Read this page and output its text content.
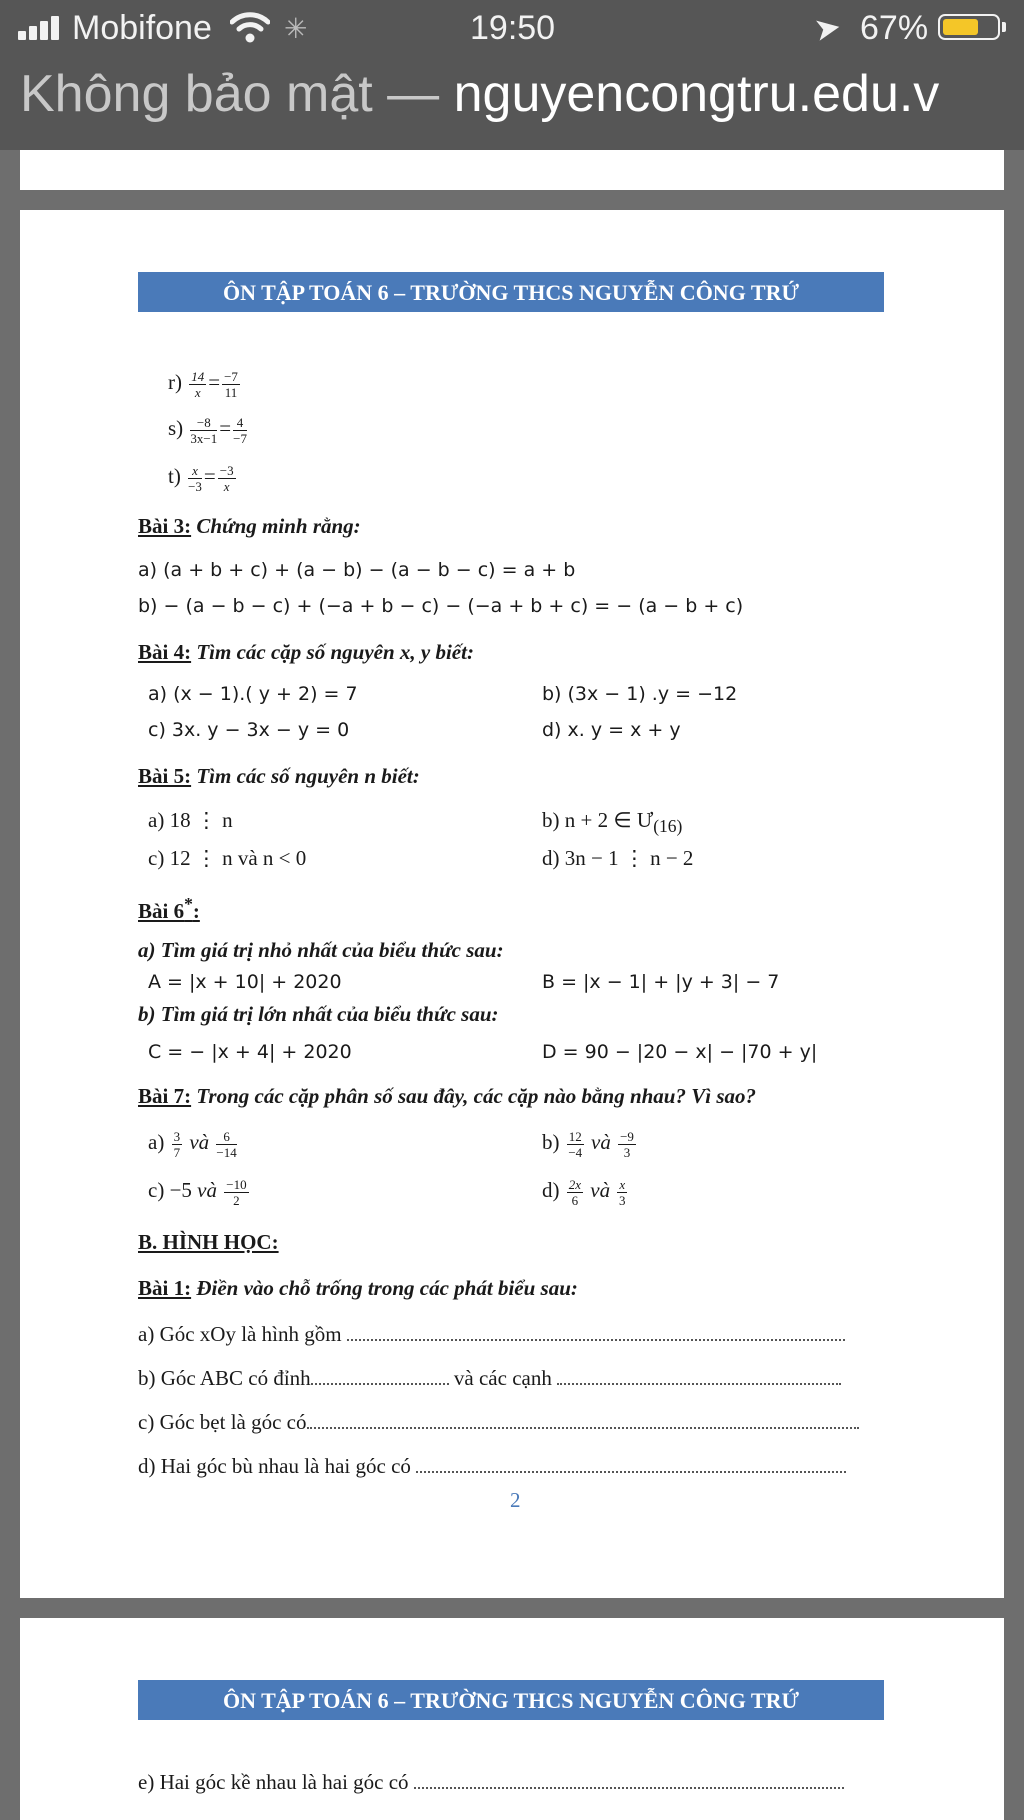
Mobifone	✳	19:50	➤ 67%
Không bảo mật — nguyencongtru.edu.v
ÔN TẬP TOÁN 6 – TRƯỜNG THCS NGUYỄN CÔNG TRỨ
$r) \frac{14}{x} = \frac{-7}{11}$
$s) \frac{-8}{3x-1} = \frac{4}{-7}$
$t) \frac{x}{-3} = \frac{-3}{x}$
Bài 3: Chứng minh rằng:
a) (a + b + c) + (a − b) − (a − b − c) = a + b
b) − (a − b − c) + (−a + b − c) − (−a + b + c) = − (a − b + c)
Bài 4: Tìm các cặp số nguyên x, y biết:
a) (x − 1).( y + 2) = 7	b) (3x − 1) .y = −12
c) 3x. y − 3x − y = 0	d) x. y = x + y
Bài 5: Tìm các số nguyên n biết:
a) 18 ⋮ n	b) n + 2 ∈ $Ư_{(16)}$
c) 12 ⋮ n và n < 0	d) 3n − 1 ⋮ n − 2
Bài 6*:
a) Tìm giá trị nhỏ nhất của biểu thức sau:
A = |x + 10| + 2020	B = |x − 1| + |y + 3| − 7
b) Tìm giá trị lớn nhất của biểu thức sau:
C = − |x + 4| + 2020	D = 90 − |20 − x| − |70 + y|
Bài 7: Trong các cặp phân số sau đây, các cặp nào bằng nhau? Vì sao?
$a) \frac{3}{7}$ và $\frac{6}{-14}$	$b) \frac{12}{-4}$ và $\frac{-9}{3}$
c) −5 và $\frac{-10}{2}$	$d) \frac{2x}{6}$ và $\frac{x}{3}$
B. HÌNH HỌC:
Bài 1: Điền vào chỗ trống trong các phát biểu sau:
a) Góc xOy là hình gồm
b) Góc ABC có đỉnh	và các cạnh
c) Góc bẹt là góc có
d) Hai góc bù nhau là hai góc có
2
ÔN TẬP TOÁN 6 – TRƯỜNG THCS NGUYỄN CÔNG TRỨ
e) Hai góc kề nhau là hai góc có
